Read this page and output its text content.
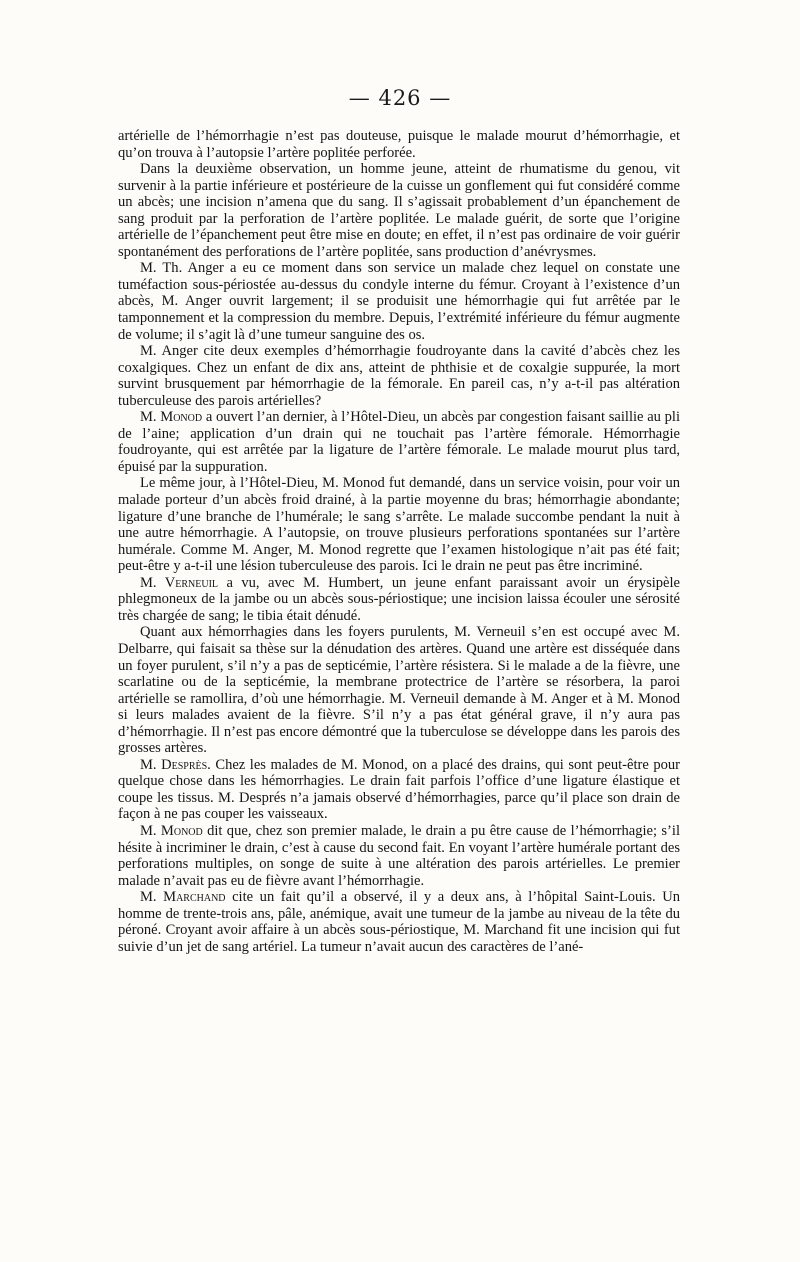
— 426 —

artérielle de l’hémorrhagie n’est pas douteuse, puisque le malade mourut d’hémorrhagie, et qu’on trouva à l’autopsie l’artère poplitée perforée.

Dans la deuxième observation, un homme jeune, atteint de rhumatisme du genou, vit survenir à la partie inférieure et postérieure de la cuisse un gonflement qui fut considéré comme un abcès; une incision n’amena que du sang. Il s’agissait probablement d’un épanchement de sang produit par la perforation de l’artère poplitée. Le malade guérit, de sorte que l’origine artérielle de l’épanchement peut être mise en doute; en effet, il n’est pas ordinaire de voir guérir spontanément des perforations de l’artère poplitée, sans production d’anévrysmes.

M. Th. Anger a eu ce moment dans son service un malade chez lequel on constate une tuméfaction sous-périostée au-dessus du condyle interne du fémur. Croyant à l’existence d’un abcès, M. Anger ouvrit largement; il se produisit une hémorrhagie qui fut arrêtée par le tamponnement et la compression du membre. Depuis, l’extrémité inférieure du fémur augmente de volume; il s’agit là d’une tumeur sanguine des os.

M. Anger cite deux exemples d’hémorrhagie foudroyante dans la cavité d’abcès chez les coxalgiques. Chez un enfant de dix ans, atteint de phthisie et de coxalgie suppurée, la mort survint brusquement par hémorrhagie de la fémorale. En pareil cas, n’y a-t-il pas altération tuberculeuse des parois artérielles?

M. Monod a ouvert l’an dernier, à l’Hôtel-Dieu, un abcès par congestion faisant saillie au pli de l’aine; application d’un drain qui ne touchait pas l’artère fémorale. Hémorrhagie foudroyante, qui est arrêtée par la ligature de l’artère fémorale. Le malade mourut plus tard, épuisé par la suppuration.

Le même jour, à l’Hôtel-Dieu, M. Monod fut demandé, dans un service voisin, pour voir un malade porteur d’un abcès froid drainé, à la partie moyenne du bras; hémorrhagie abondante; ligature d’une branche de l’humérale; le sang s’arrête. Le malade succombe pendant la nuit à une autre hémorrhagie. A l’autopsie, on trouve plusieurs perforations spontanées sur l’artère humérale. Comme M. Anger, M. Monod regrette que l’examen histologique n’ait pas été fait; peut-être y a-t-il une lésion tuberculeuse des parois. Ici le drain ne peut pas être incriminé.

M. Verneuil a vu, avec M. Humbert, un jeune enfant paraissant avoir un érysipèle phlegmoneux de la jambe ou un abcès sous-périostique; une incision laissa écouler une sérosité très chargée de sang; le tibia était dénudé.

Quant aux hémorrhagies dans les foyers purulents, M. Verneuil s’en est occupé avec M. Delbarre, qui faisait sa thèse sur la dénudation des artères. Quand une artère est disséquée dans un foyer purulent, s’il n’y a pas de septicémie, l’artère résistera. Si le malade a de la fièvre, une scarlatine ou de la septicémie, la membrane protectrice de l’artère se résorbera, la paroi artérielle se ramollira, d’où une hémorrhagie. M. Verneuil demande à M. Anger et à M. Monod si leurs malades avaient de la fièvre. S’il n’y a pas état général grave, il n’y aura pas d’hémorrhagie. Il n’est pas encore démontré que la tuberculose se développe dans les parois des grosses artères.

M. Desprès. Chez les malades de M. Monod, on a placé des drains, qui sont peut-être pour quelque chose dans les hémorrhagies. Le drain fait parfois l’office d’une ligature élastique et coupe les tissus. M. Després n’a jamais observé d’hémorrhagies, parce qu’il place son drain de façon à ne pas couper les vaisseaux.

M. Monod dit que, chez son premier malade, le drain a pu être cause de l’hémorrhagie; s’il hésite à incriminer le drain, c’est à cause du second fait. En voyant l’artère humérale portant des perforations multiples, on songe de suite à une altération des parois artérielles. Le premier malade n’avait pas eu de fièvre avant l’hémorrhagie.

M. Marchand cite un fait qu’il a observé, il y a deux ans, à l’hôpital Saint-Louis. Un homme de trente-trois ans, pâle, anémique, avait une tumeur de la jambe au niveau de la tête du péroné. Croyant avoir affaire à un abcès sous-périostique, M. Marchand fit une incision qui fut suivie d’un jet de sang artériel. La tumeur n’avait aucun des caractères de l’ané-
